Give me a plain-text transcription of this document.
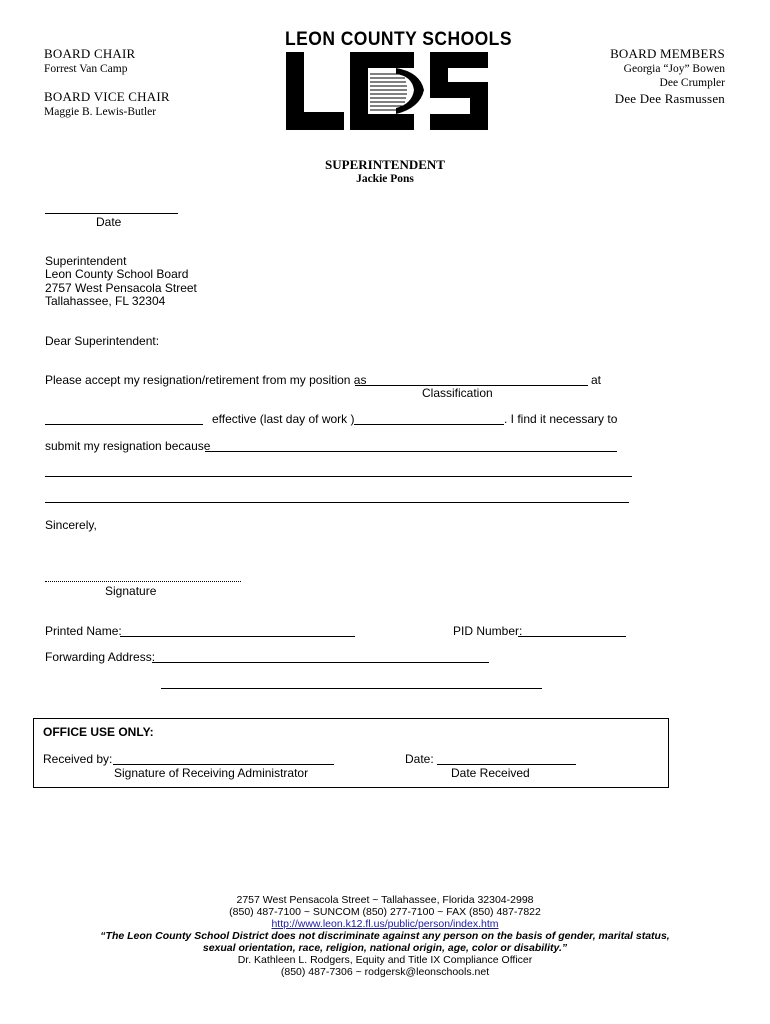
BOARD CHAIR
Forrest Van Camp
BOARD VICE CHAIR
Maggie B. Lewis-Butler
BOARD MEMBERS
Georgia “Joy” Bowen
Dee Crumpler
Dee Dee Rasmussen
LEON COUNTY SCHOOLS
SUPERINTENDENT
Jackie Pons
Date
Superintendent
Leon County School Board
2757 West Pensacola Street
Tallahassee, FL 32304
Dear Superintendent:
Please accept my resignation/retirement from my position as	at
Classification
effective (last day of work )	. I find it necessary to
submit my resignation because
Sincerely,
Signature
Printed Name:	PID Number:
Forwarding Address:
OFFICE USE ONLY:
Received by:
Signature of Receiving Administrator
Date:
Date Received
2757 West Pensacola Street ~ Tallahassee, Florida 32304-2998
(850) 487-7100 ~ SUNCOM (850) 277-7100 ~ FAX (850) 487-7822
http://www.leon.k12.fl.us/public/person/index.htm
“The Leon County School District does not discriminate against any person on the basis of gender, marital status,
sexual orientation, race, religion, national origin, age, color or disability.”
Dr. Kathleen L. Rodgers, Equity and Title IX Compliance Officer
(850) 487-7306 ~ rodgersk@leonschools.net
